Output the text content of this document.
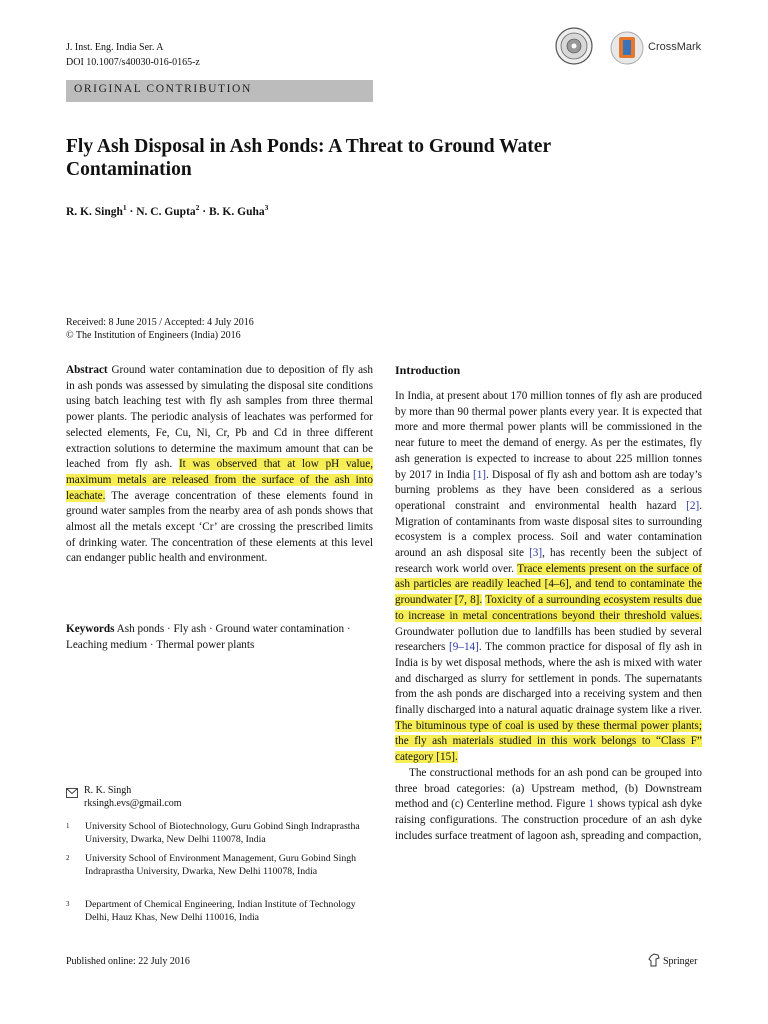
J. Inst. Eng. India Ser. A
DOI 10.1007/s40030-016-0165-z
CrossMark
ORIGINAL CONTRIBUTION
Fly Ash Disposal in Ash Ponds: A Threat to Ground Water
Contamination
R. K. Singh$^1$ · N. C. Gupta$^2$ · B. K. Guha$^3$
Received: 8 June 2015 / Accepted: 4 July 2016
© The Institution of Engineers (India) 2016

Abstract Ground water contamination due to deposition of fly ash in ash ponds was assessed by simulating the disposal site conditions using batch leaching test with fly ash samples from three thermal power plants. The periodic analysis of leachates was performed for selected elements, Fe, Cu, Ni, Cr, Pb and Cd in three different extraction solutions to determine the maximum amount that can be leached from fly ash. It was observed that at low pH value, maximum metals are released from the surface of the ash into leachate. The average concentration of these elements found in ground water samples from the nearby area of ash ponds shows that almost all the metals except ‘Cr’ are crossing the prescribed limits of drinking water. The concentration of these elements at this level can endanger public health and environment.

Keywords Ash ponds · Fly ash · Ground water contamination · Leaching medium · Thermal power plants
R. K. Singh
rksingh.evs@gmail.com
1	University School of Biotechnology, Guru Gobind Singh Indraprastha University, Dwarka, New Delhi 110078, India
2	University School of Environment Management, Guru Gobind Singh Indraprastha University, Dwarka, New Delhi 110078, India
3	Department of Chemical Engineering, Indian Institute of Technology Delhi, Hauz Khas, New Delhi 110016, India
Introduction

In India, at present about 170 million tonnes of fly ash are produced by more than 90 thermal power plants every year. It is expected that more and more thermal power plants will be commissioned in the near future to meet the demand of energy. As per the estimates, fly ash generation is expected to increase to about 225 million tonnes by 2017 in India [1]. Disposal of fly ash and bottom ash are today’s burning problems as they have been considered as a serious operational constraint and environmental health hazard [2]. Migration of contaminants from waste disposal sites to surrounding ecosystem is a complex process. Soil and water contamination around an ash disposal site [3], has recently been the subject of research work world over. Trace elements present on the surface of ash particles are readily leached [4–6], and tend to contaminate the groundwater [7, 8]. Toxicity of a surrounding ecosystem results due to increase in metal concentrations beyond their threshold values. Groundwater pollution due to landfills has been studied by several researchers [9–14]. The common practice for disposal of fly ash in India is by wet disposal methods, where the ash is mixed with water and discharged as slurry for settlement in ponds. The supernatants from the ash ponds are discharged into a receiving system and then finally discharged into a natural aquatic drainage system like a river. The bituminous type of coal is used by these thermal power plants; the fly ash materials studied in this work belongs to “Class F” category [15].

The constructional methods for an ash pond can be grouped into three broad categories: (a) Upstream method, (b) Downstream method and (c) Centerline method. Figure 1 shows typical ash dyke raising configurations. The construction procedure of an ash dyke includes surface treatment of lagoon ash, spreading and compaction,

Published online: 22 July 2016	Springer
